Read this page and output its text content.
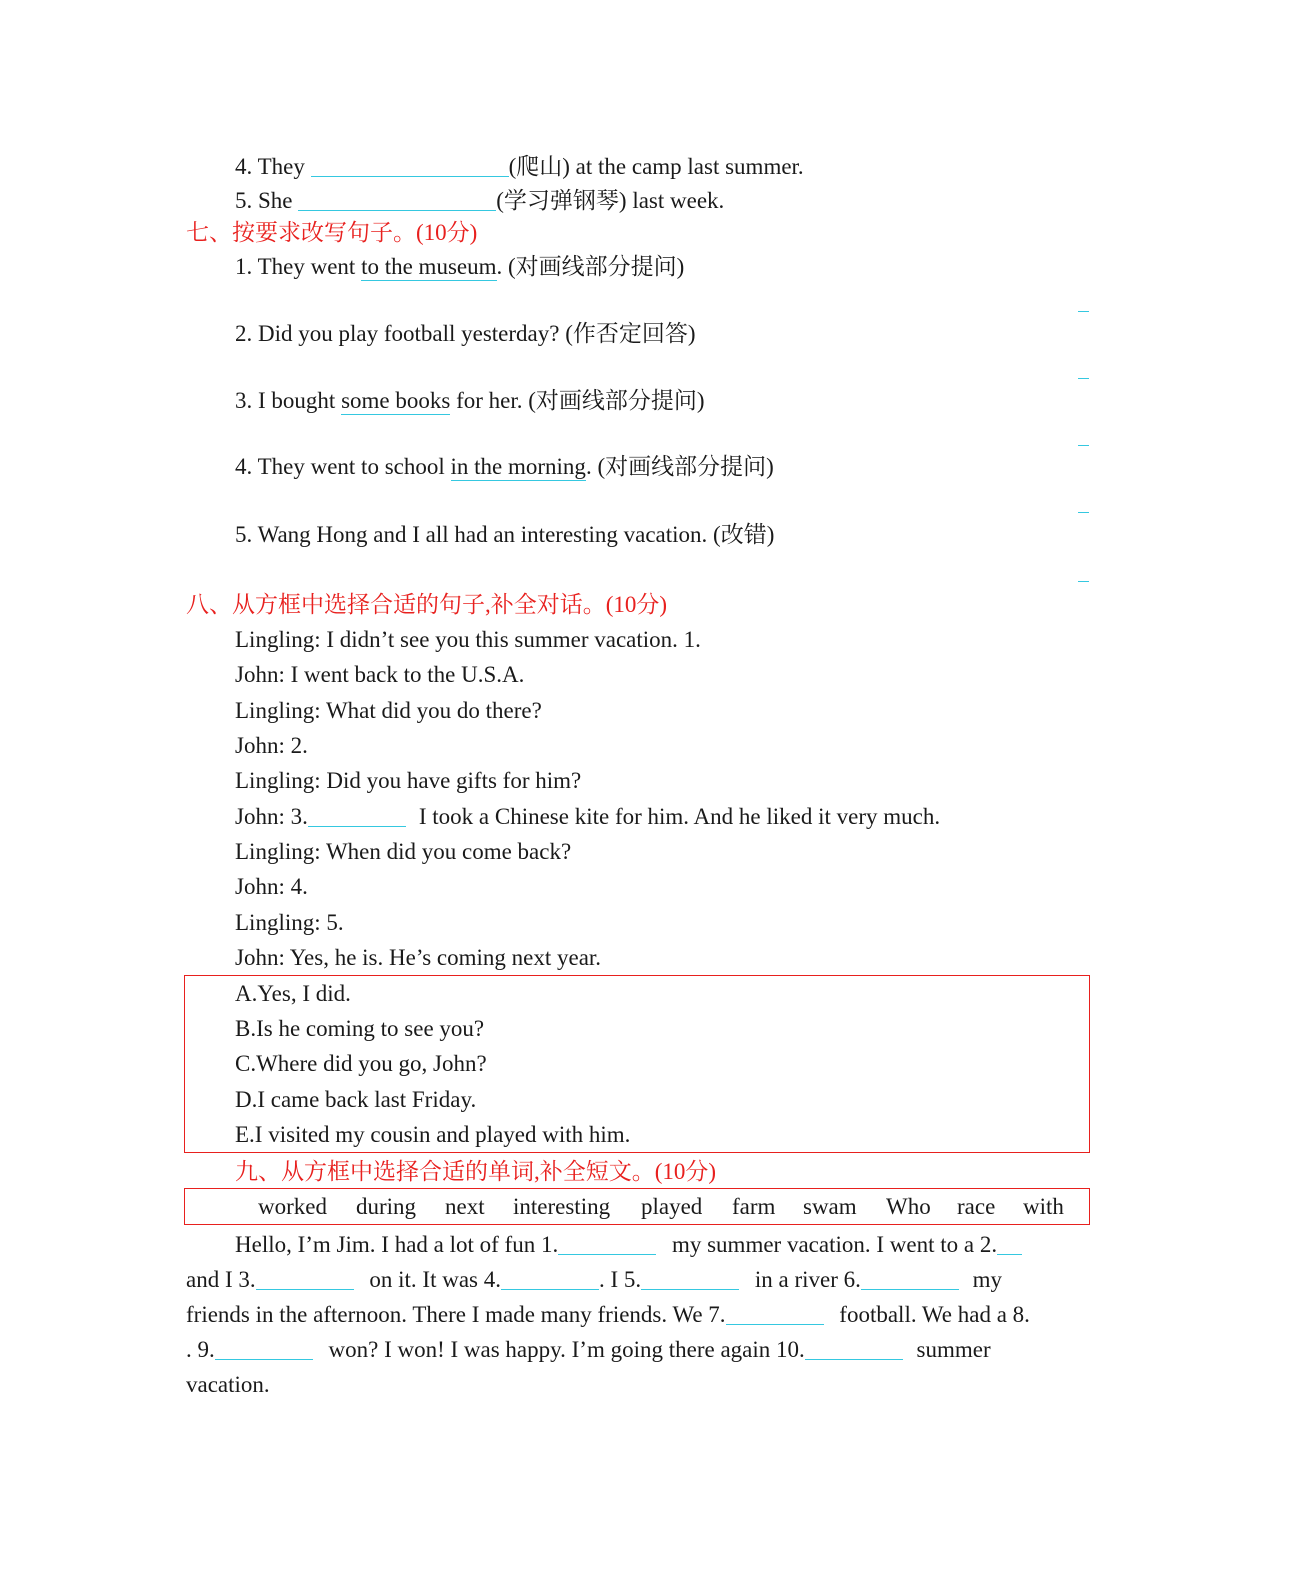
4. They	(爬山) at the camp last summer.
5. She	(学习弹钢琴) last week.
七、按要求改写句子。(10分)
1. They went to the museum. (对画线部分提问)
2. Did you play football yesterday? (作否定回答)
3. I bought some books for her. (对画线部分提问)
4. They went to school in the morning. (对画线部分提问)
5. Wang Hong and I all had an interesting vacation. (改错)
八、从方框中选择合适的句子,补全对话。(10分)
Lingling: I didn’t see you this summer vacation. 1.
John: I went back to the U.S.A.
Lingling: What did you do there?
John: 2.
Lingling: Did you have gifts for him?
John: 3.	I took a Chinese kite for him. And he liked it very much.
Lingling: When did you come back?
John: 4.
Lingling: 5.
John: Yes, he is. He’s coming next year.
A.Yes, I did.
B.Is he coming to see you?
C.Where did you go, John?
D.I came back last Friday.
E.I visited my cousin and played with him.
九、从方框中选择合适的单词,补全短文。(10分)
worked during next interesting played farm swam Who race with
Hello, I’m Jim. I had a lot of fun 1.	my summer vacation. I went to a 2.
and I 3.	on it. It was 4.	. I 5.	in a river 6.	my
friends in the afternoon. There I made many friends. We 7.	football. We had a 8.
. 9.	won? I won! I was happy. I’m going there again 10.	summer
vacation.
